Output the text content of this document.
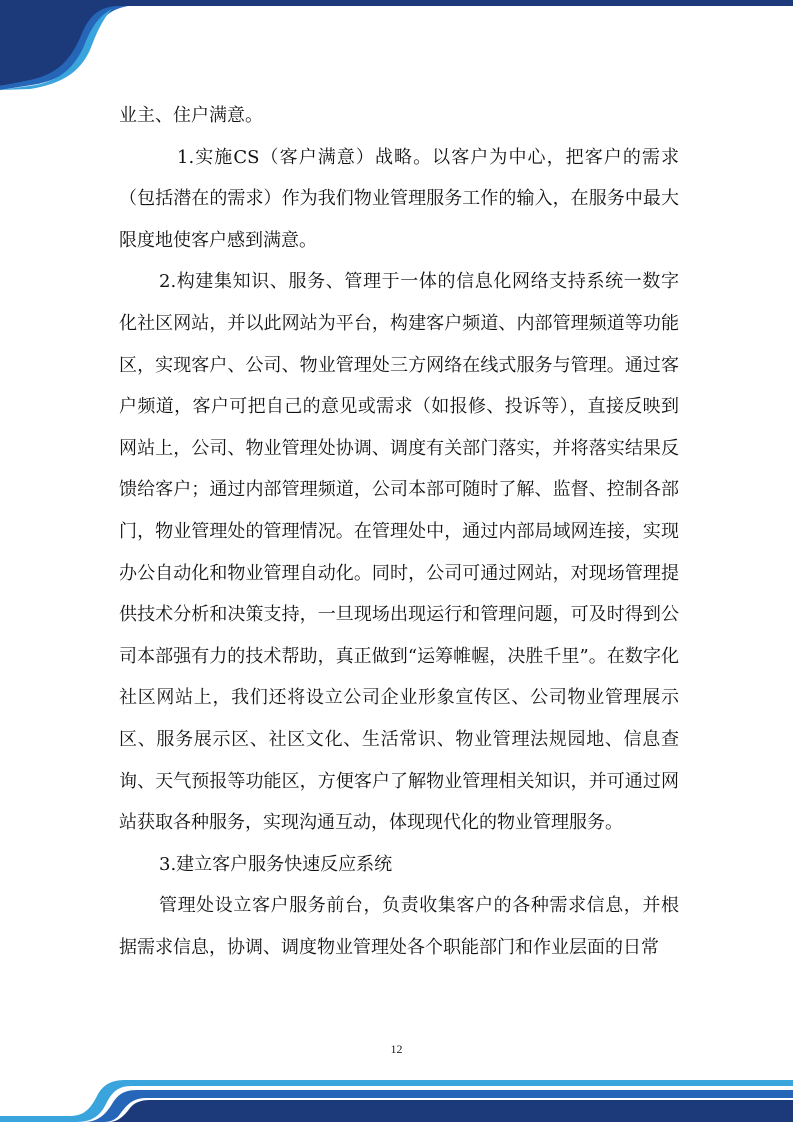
业主、住户满意。

1.实施CS（客户满意）战略。以客户为中心，把客户的需求（包括潜在的需求）作为我们物业管理服务工作的输入，在服务中最大限度地使客户感到满意。

2.构建集知识、服务、管理于一体的信息化网络支持系统一数字化社区网站，并以此网站为平台，构建客户频道、内部管理频道等功能区，实现客户、公司、物业管理处三方网络在线式服务与管理。通过客户频道，客户可把自己的意见或需求（如报修、投诉等），直接反映到网站上，公司、物业管理处协调、调度有关部门落实，并将落实结果反馈给客户；通过内部管理频道，公司本部可随时了解、监督、控制各部门，物业管理处的管理情况。在管理处中，通过内部局域网连接，实现办公自动化和物业管理自动化。同时，公司可通过网站，对现场管理提供技术分析和决策支持，一旦现场出现运行和管理问题，可及时得到公司本部强有力的技术帮助，真正做到“运筹帷幄，决胜千里”。在数字化社区网站上，我们还将设立公司企业形象宣传区、公司物业管理展示区、服务展示区、社区文化、生活常识、物业管理法规园地、信息查询、天气预报等功能区，方便客户了解物业管理相关知识，并可通过网站获取各种服务，实现沟通互动，体现现代化的物业管理服务。

3.建立客户服务快速反应系统

管理处设立客户服务前台，负责收集客户的各种需求信息，并根据需求信息，协调、调度物业管理处各个职能部门和作业层面的日常

12
